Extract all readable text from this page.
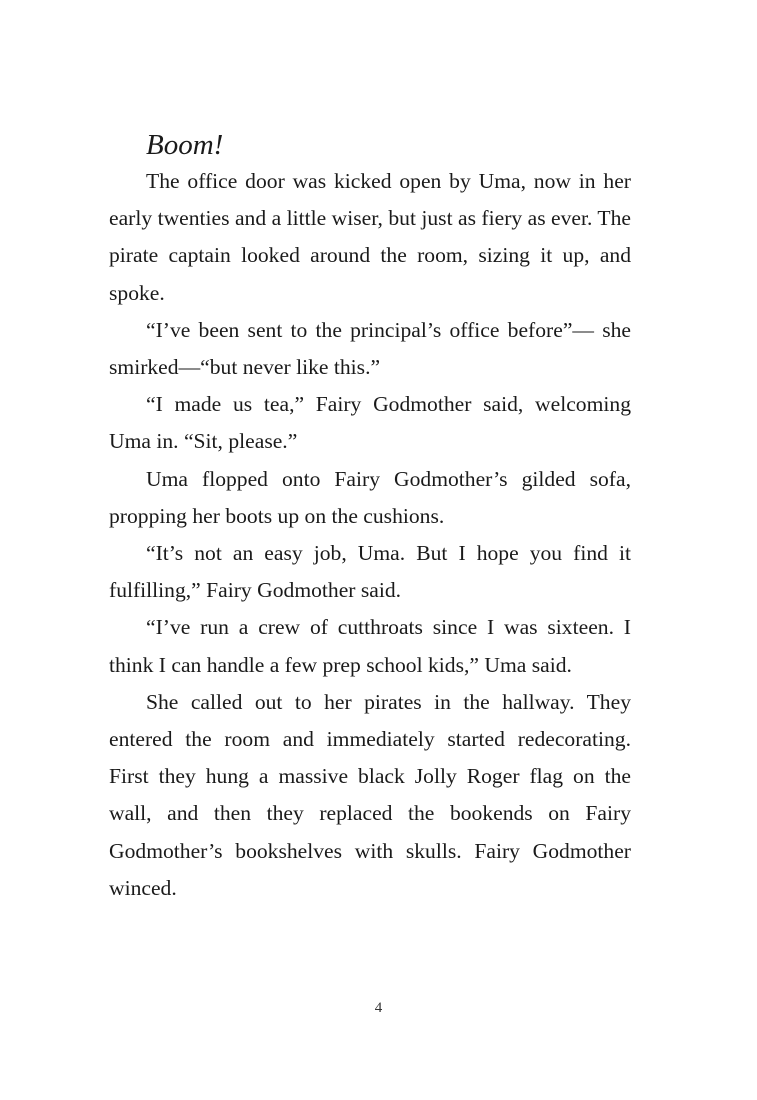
Boom!

The office door was kicked open by Uma, now in her early twenties and a little wiser, but just as fiery as ever. The pirate captain looked around the room, sizing it up, and spoke.

“I’ve been sent to the principal’s office before”— she smirked—“but never like this.”

“I made us tea,” Fairy Godmother said, welcoming Uma in. “Sit, please.”

Uma flopped onto Fairy Godmother’s gilded sofa, propping her boots up on the cushions.

“It’s not an easy job, Uma. But I hope you find it fulfilling,” Fairy Godmother said.

“I’ve run a crew of cutthroats since I was sixteen. I think I can handle a few prep school kids,” Uma said.

She called out to her pirates in the hallway. They entered the room and immediately started redecorating. First they hung a massive black Jolly Roger flag on the wall, and then they replaced the bookends on Fairy Godmother’s bookshelves with skulls. Fairy Godmother winced.

4
